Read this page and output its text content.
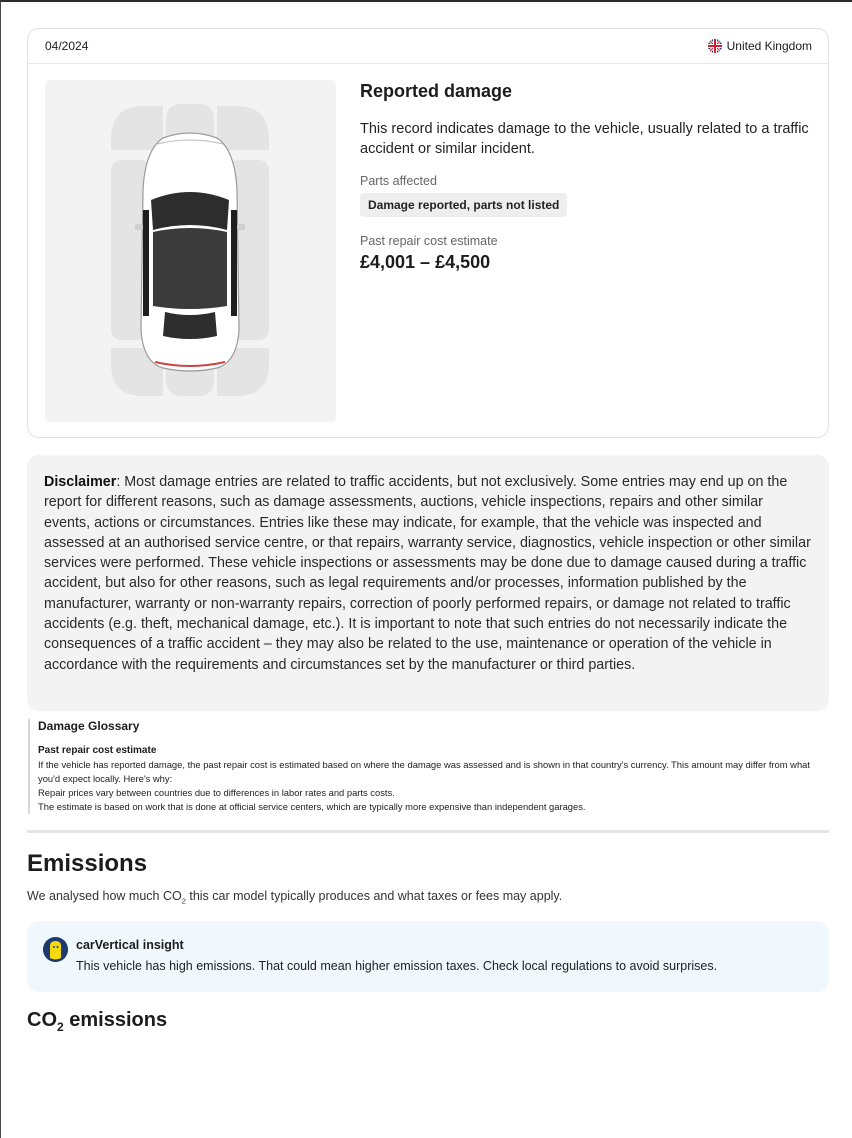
04/2024	United Kingdom
Reported damage
This record indicates damage to the vehicle, usually related to a traffic accident or similar incident.
Parts affected
Damage reported, parts not listed
Past repair cost estimate
£4,001 – £4,500
Disclaimer: Most damage entries are related to traffic accidents, but not exclusively. Some entries may end up on the report for different reasons, such as damage assessments, auctions, vehicle inspections, repairs and other similar events, actions or circumstances. Entries like these may indicate, for example, that the vehicle was inspected and assessed at an authorised service centre, or that repairs, warranty service, diagnostics, vehicle inspection or other similar services were performed. These vehicle inspections or assessments may be done due to damage caused during a traffic accident, but also for other reasons, such as legal requirements and/or processes, information published by the manufacturer, warranty or non-warranty repairs, correction of poorly performed repairs, or damage not related to traffic accidents (e.g. theft, mechanical damage, etc.). It is important to note that such entries do not necessarily indicate the consequences of a traffic accident – they may also be related to the use, maintenance or operation of the vehicle in accordance with the requirements and circumstances set by the manufacturer or third parties.
Damage Glossary
Past repair cost estimate
If the vehicle has reported damage, the past repair cost is estimated based on where the damage was assessed and is shown in that country's currency. This amount may differ from what you'd expect locally. Here's why:
Repair prices vary between countries due to differences in labor rates and parts costs.
The estimate is based on work that is done at official service centers, which are typically more expensive than independent garages.
Emissions
We analysed how much $CO_2$ this car model typically produces and what taxes or fees may apply.
carVertical insight
This vehicle has high emissions. That could mean higher emission taxes. Check local regulations to avoid surprises.
$CO_2$ emissions
